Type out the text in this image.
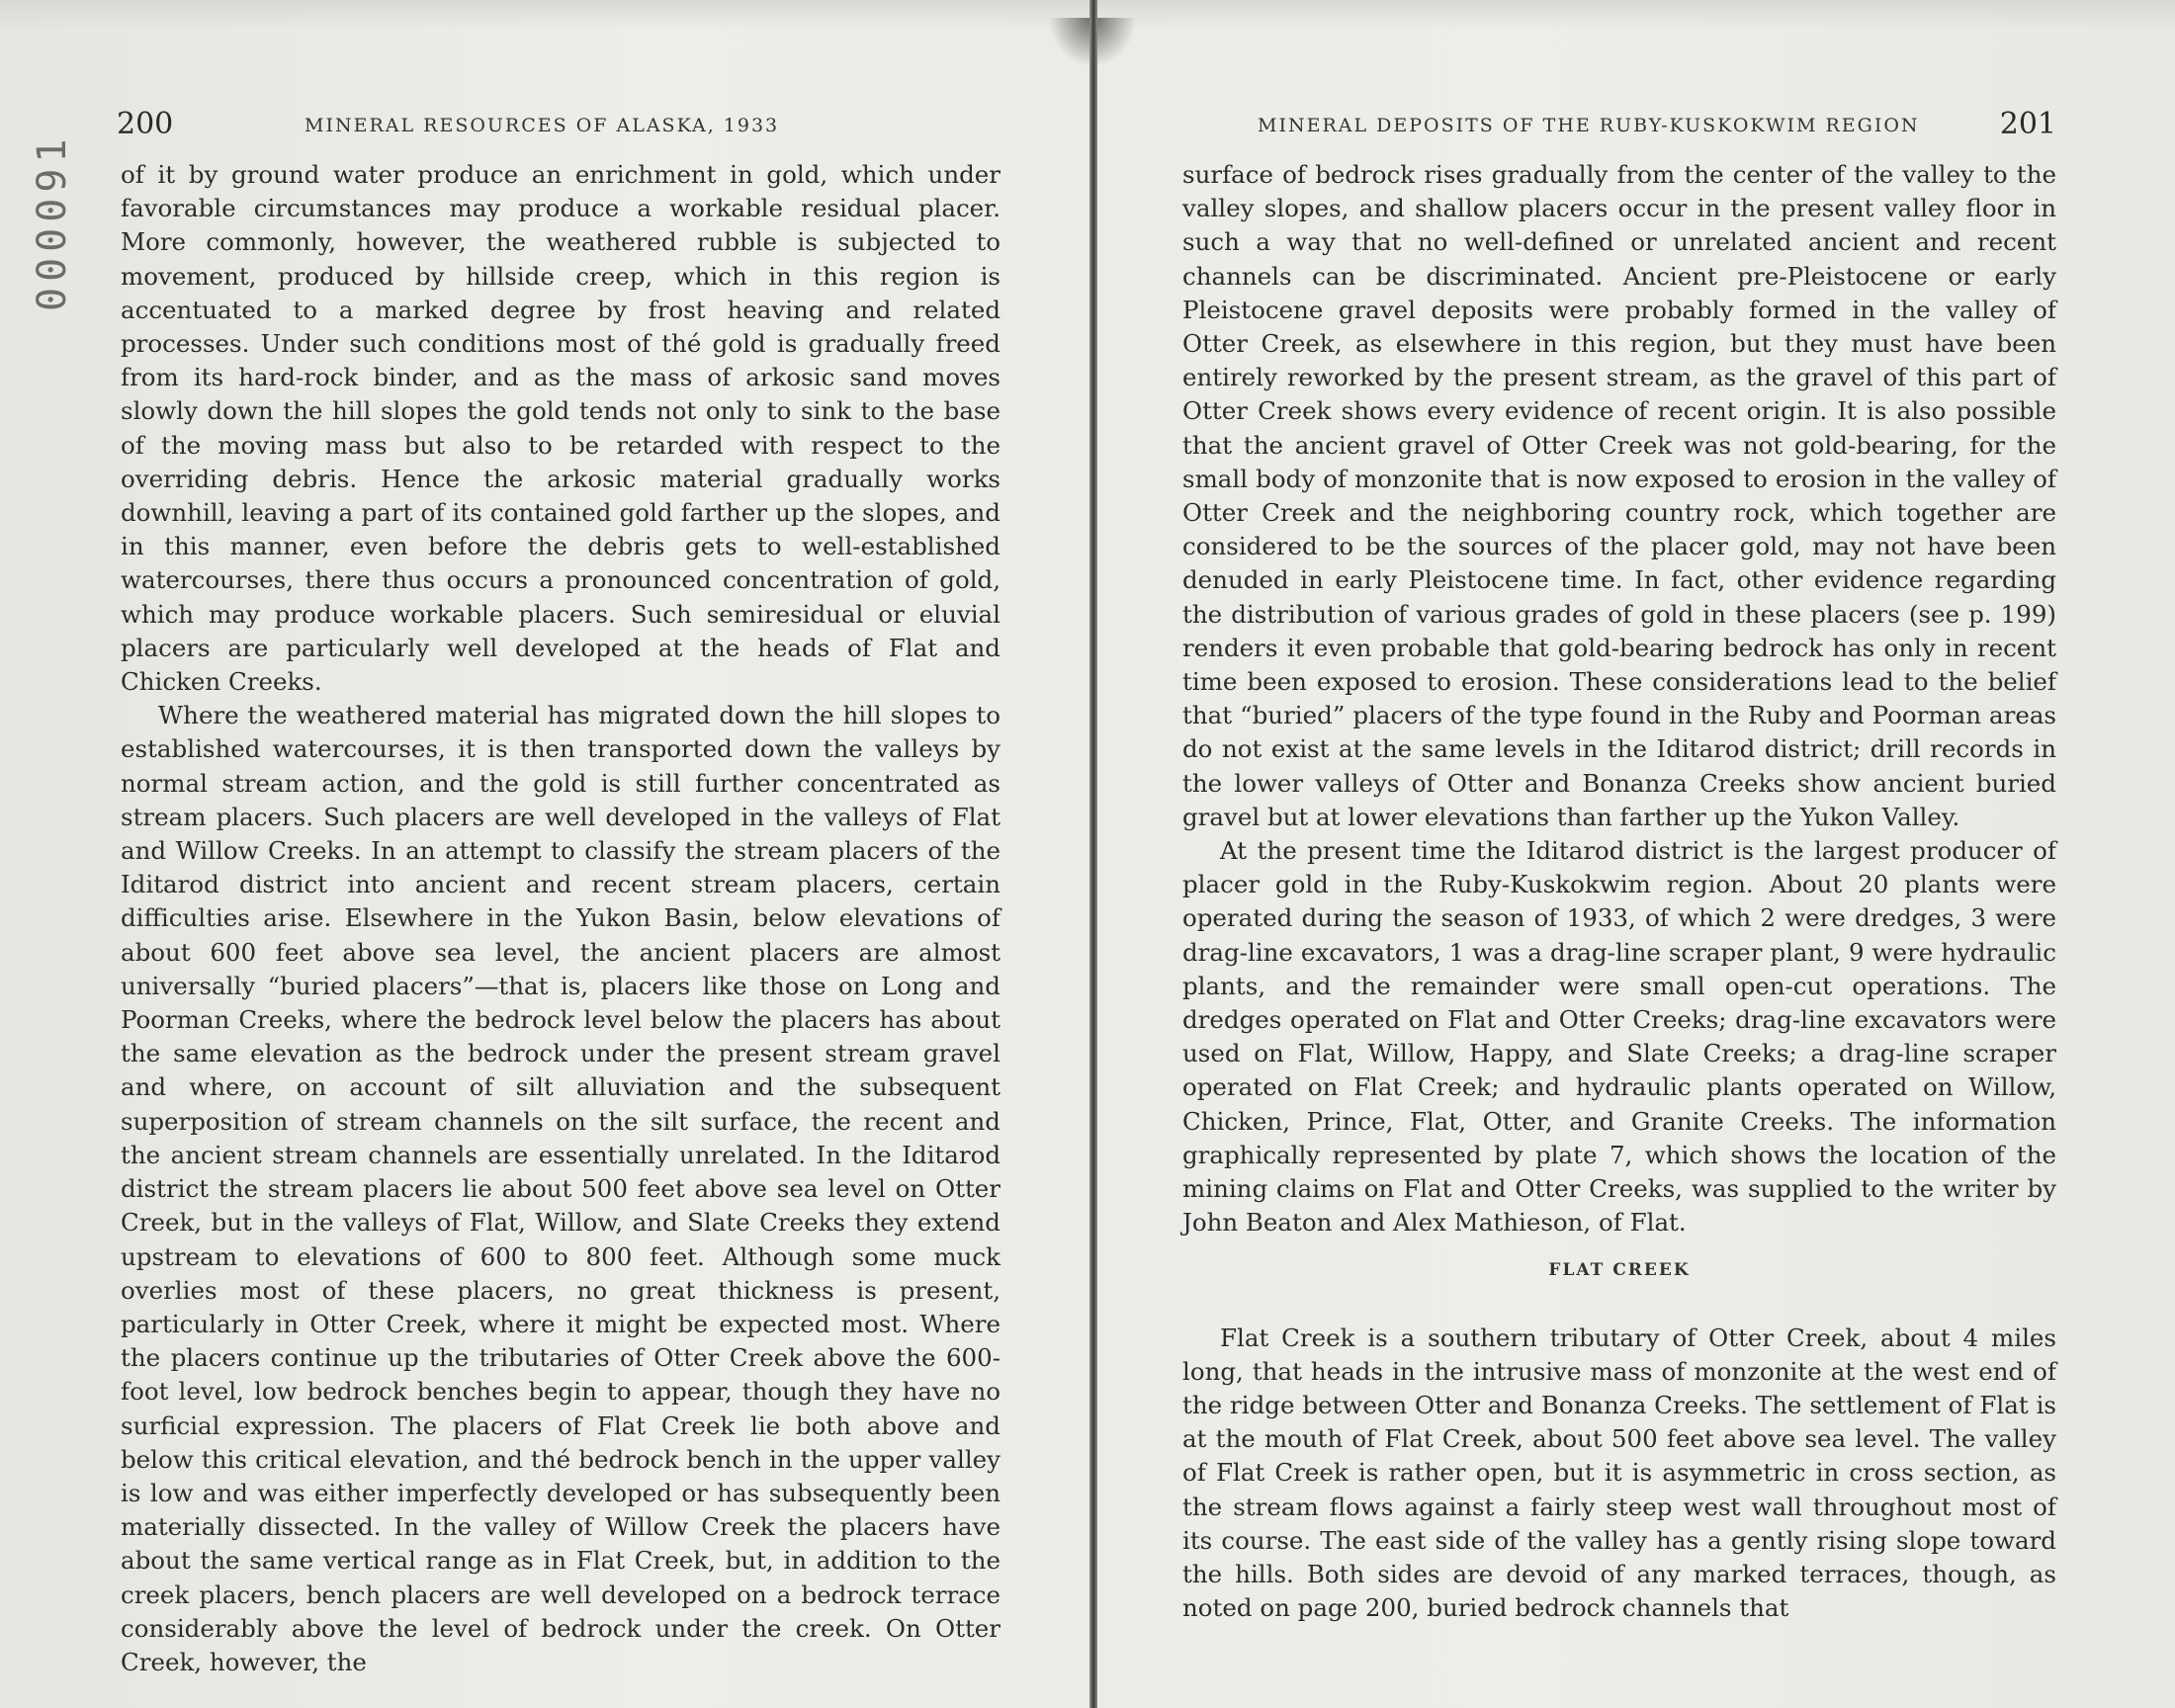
000091
200	MINERAL RESOURCES OF ALASKA, 1933

of it by ground water produce an enrichment in gold, which under favorable circumstances may produce a workable residual placer. More commonly, however, the weathered rubble is subjected to movement, produced by hillside creep, which in this region is accentuated to a marked degree by frost heaving and related processes. Under such conditions most of thé gold is gradually freed from its hard-rock binder, and as the mass of arkosic sand moves slowly down the hill slopes the gold tends not only to sink to the base of the moving mass but also to be retarded with respect to the overriding debris. Hence the arkosic material gradually works downhill, leaving a part of its contained gold farther up the slopes, and in this manner, even before the debris gets to well-established watercourses, there thus occurs a pronounced concentration of gold, which may produce workable placers. Such semiresidual or eluvial placers are particularly well developed at the heads of Flat and Chicken Creeks.

Where the weathered material has migrated down the hill slopes to established watercourses, it is then transported down the valleys by normal stream action, and the gold is still further concentrated as stream placers. Such placers are well developed in the valleys of Flat and Willow Creeks. In an attempt to classify the stream placers of the Iditarod district into ancient and recent stream placers, certain difficulties arise. Elsewhere in the Yukon Basin, below elevations of about 600 feet above sea level, the ancient placers are almost universally “buried placers”—that is, placers like those on Long and Poorman Creeks, where the bedrock level below the placers has about the same elevation as the bedrock under the present stream gravel and where, on account of silt alluviation and the subsequent superposition of stream channels on the silt surface, the recent and the ancient stream channels are essentially unrelated. In the Iditarod district the stream placers lie about 500 feet above sea level on Otter Creek, but in the valleys of Flat, Willow, and Slate Creeks they extend upstream to elevations of 600 to 800 feet. Although some muck overlies most of these placers, no great thickness is present, particularly in Otter Creek, where it might be expected most. Where the placers continue up the tributaries of Otter Creek above the 600-foot level, low bedrock benches begin to appear, though they have no surficial expression. The placers of Flat Creek lie both above and below this critical elevation, and thé bedrock bench in the upper valley is low and was either imperfectly developed or has subsequently been materially dissected. In the valley of Willow Creek the placers have about the same vertical range as in Flat Creek, but, in addition to the creek placers, bench placers are well developed on a bedrock terrace considerably above the level of bedrock under the creek. On Otter Creek, however, the

MINERAL DEPOSITS OF THE RUBY-KUSKOKWIM REGION	201

surface of bedrock rises gradually from the center of the valley to the valley slopes, and shallow placers occur in the present valley floor in such a way that no well-defined or unrelated ancient and recent channels can be discriminated. Ancient pre-Pleistocene or early Pleistocene gravel deposits were probably formed in the valley of Otter Creek, as elsewhere in this region, but they must have been entirely reworked by the present stream, as the gravel of this part of Otter Creek shows every evidence of recent origin. It is also possible that the ancient gravel of Otter Creek was not gold-bearing, for the small body of monzonite that is now exposed to erosion in the valley of Otter Creek and the neighboring country rock, which together are considered to be the sources of the placer gold, may not have been denuded in early Pleistocene time. In fact, other evidence regarding the distribution of various grades of gold in these placers (see p. 199) renders it even probable that gold-bearing bedrock has only in recent time been exposed to erosion. These considerations lead to the belief that “buried” placers of the type found in the Ruby and Poorman areas do not exist at the same levels in the Iditarod district; drill records in the lower valleys of Otter and Bonanza Creeks show ancient buried gravel but at lower elevations than farther up the Yukon Valley.

At the present time the Iditarod district is the largest producer of placer gold in the Ruby-Kuskokwim region. About 20 plants were operated during the season of 1933, of which 2 were dredges, 3 were drag-line excavators, 1 was a drag-line scraper plant, 9 were hydraulic plants, and the remainder were small open-cut operations. The dredges operated on Flat and Otter Creeks; drag-line excavators were used on Flat, Willow, Happy, and Slate Creeks; a drag-line scraper operated on Flat Creek; and hydraulic plants operated on Willow, Chicken, Prince, Flat, Otter, and Granite Creeks. The information graphically represented by plate 7, which shows the location of the mining claims on Flat and Otter Creeks, was supplied to the writer by John Beaton and Alex Mathieson, of Flat.

FLAT CREEK

Flat Creek is a southern tributary of Otter Creek, about 4 miles long, that heads in the intrusive mass of monzonite at the west end of the ridge between Otter and Bonanza Creeks. The settlement of Flat is at the mouth of Flat Creek, about 500 feet above sea level. The valley of Flat Creek is rather open, but it is asymmetric in cross section, as the stream flows against a fairly steep west wall throughout most of its course. The east side of the valley has a gently rising slope toward the hills. Both sides are devoid of any marked terraces, though, as noted on page 200, buried bedrock channels that
